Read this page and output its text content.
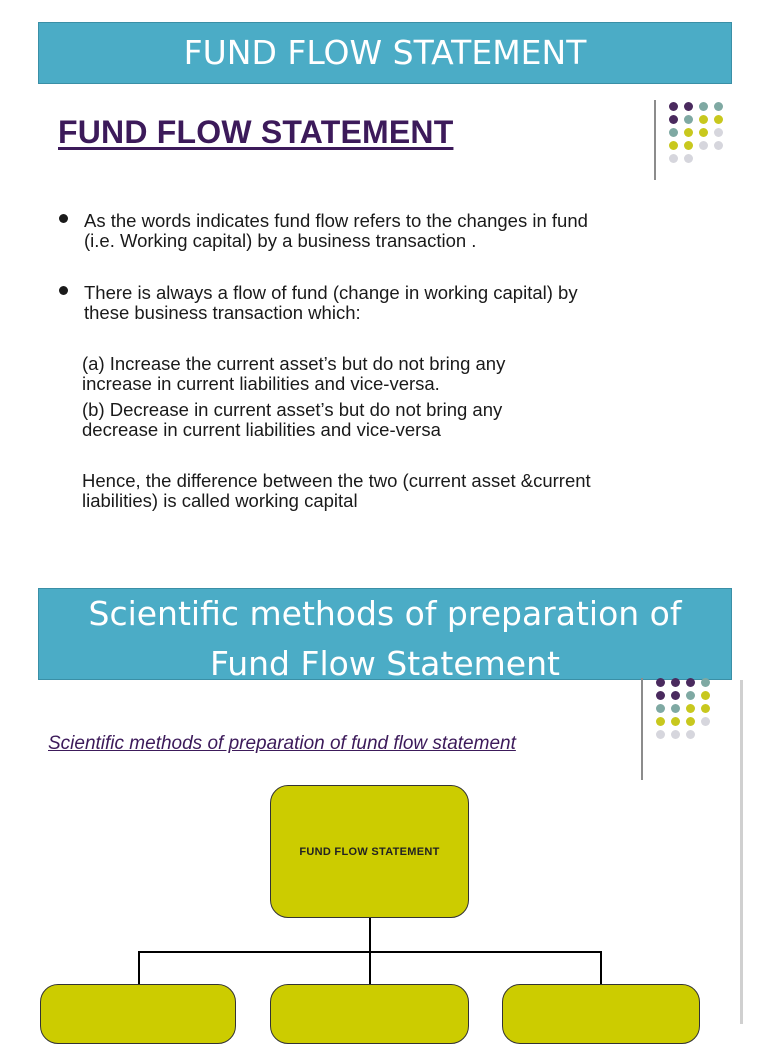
FUND FLOW STATEMENT
FUND FLOW STATEMENT
As the words indicates fund flow refers to the changes in fund
(i.e. Working capital) by a business transaction .
There is always a flow of fund (change in working capital) by
these business transaction which:
(a) Increase the current asset’s but do not bring any
increase in current liabilities and vice-versa.
(b) Decrease in current asset’s but do not bring any
decrease in current liabilities and vice-versa
Hence, the difference between the two (current asset &current
liabilities) is called working capital
Scientific methods of preparation of
Fund Flow Statement
Scientific methods of preparation of fund flow statement
FUND FLOW STATEMENT
